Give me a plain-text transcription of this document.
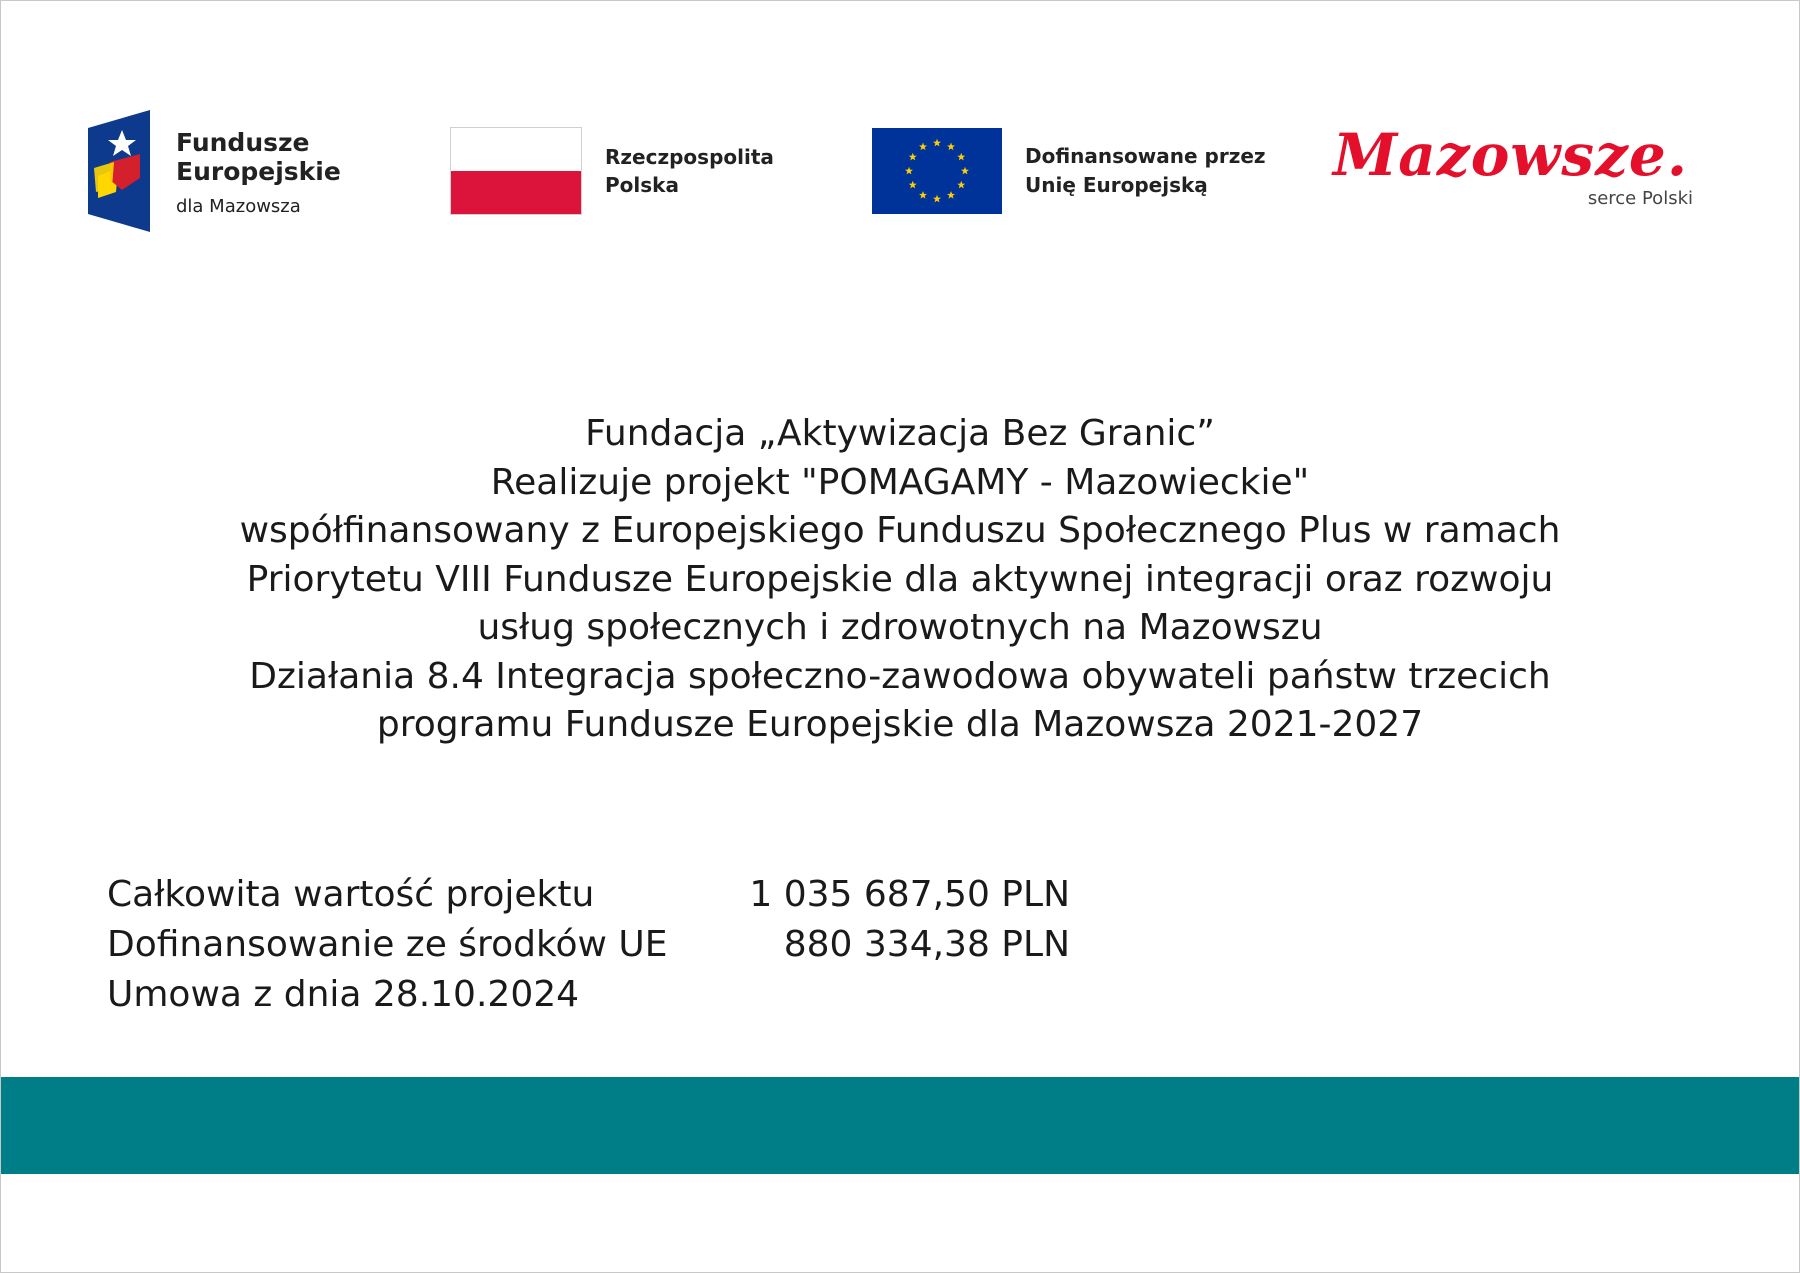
Fundusze
Europejskie
dla Mazowsza
Rzeczpospolita
Polska
Dofinansowane przez
Unię Europejską	Mazowsze.
serce Polski
Fundacja „Aktywizacja Bez Granic”
Realizuje projekt "POMAGAMY - Mazowieckie"
współfinansowany z Europejskiego Funduszu Społecznego Plus w ramach
Priorytetu VIII Fundusze Europejskie dla aktywnej integracji oraz rozwoju
usług społecznych i zdrowotnych na Mazowszu
Działania 8.4 Integracja społeczno-zawodowa obywateli państw trzecich
programu Fundusze Europejskie dla Mazowsza 2021-2027
Całkowita wartość projektu	1 035 687,50 PLN
Dofinansowanie ze środków UE	880 334,38 PLN
Umowa z dnia 28.10.2024
